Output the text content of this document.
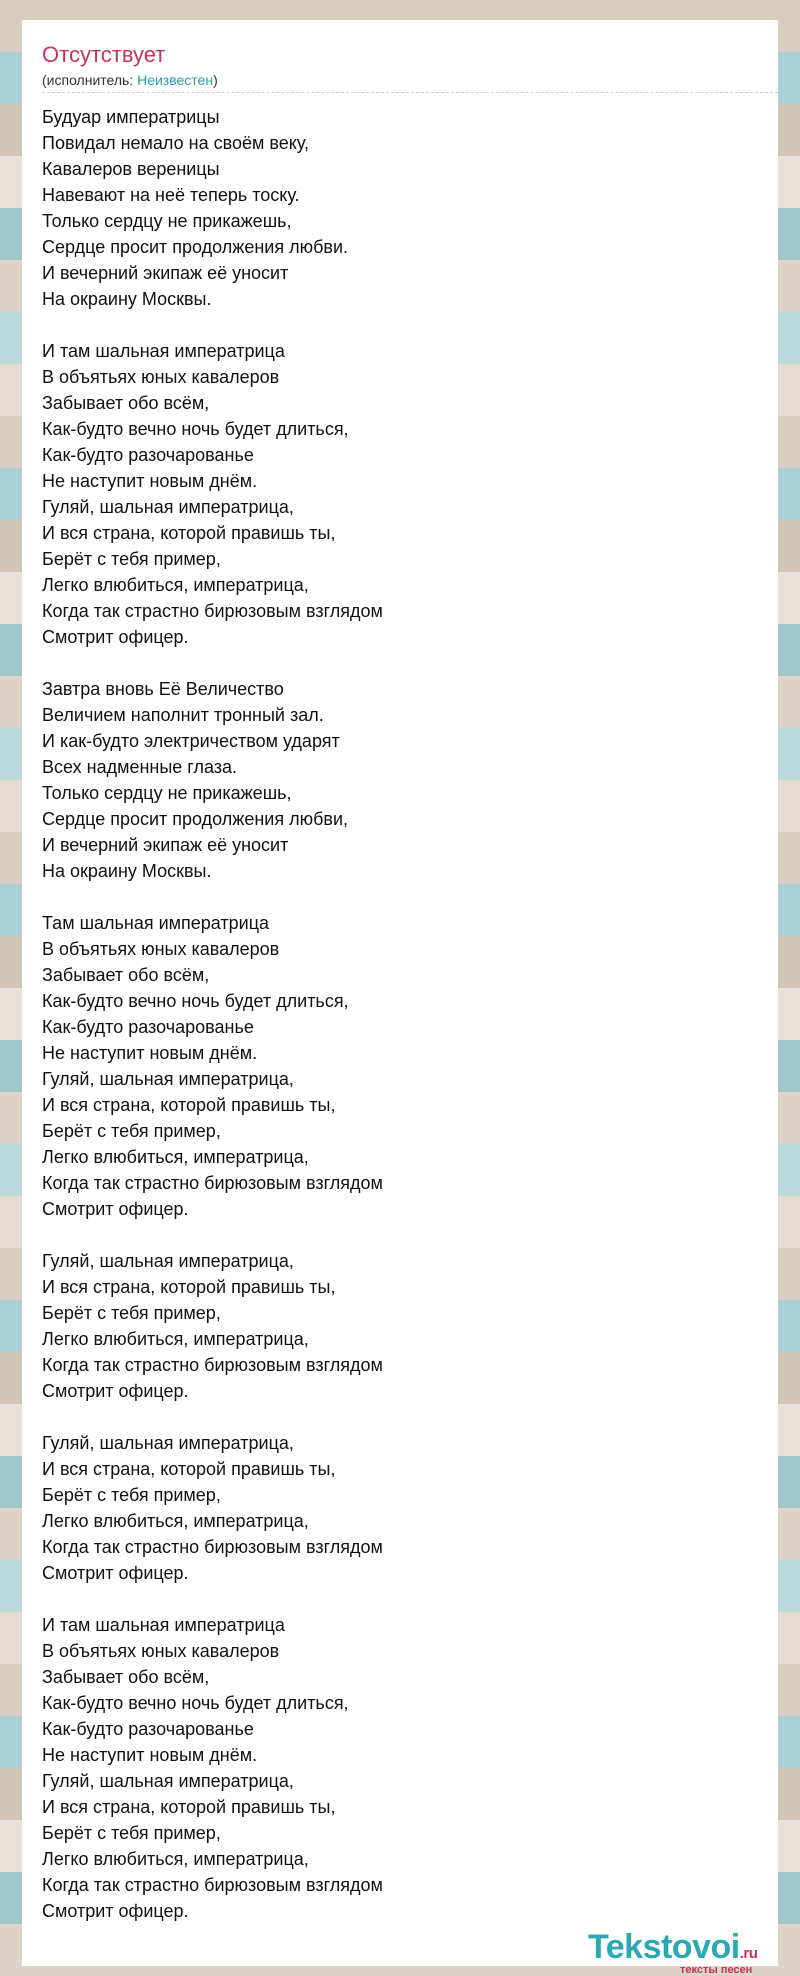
Отсутствует
(исполнитель: Неизвестен)
Будуар императрицы
Повидал немало на своём веку,
Кавалеров вереницы
Навевают на неё теперь тоску.
Только сердцу не прикажешь,
Сердце просит продолжения любви.
И вечерний экипаж её уносит
На окраину Москвы.
И там шальная императрица
В объятьях юных кавалеров
Забывает обо всём,
Как-будто вечно ночь будет длиться,
Как-будто разочарованье
Не наступит новым днём.
Гуляй, шальная императрица,
И вся страна, которой правишь ты,
Берёт с тебя пример,
Легко влюбиться, императрица,
Когда так страстно бирюзовым взглядом
Смотрит офицер.
Завтра вновь Её Величество
Величием наполнит тронный зал.
И как-будто электричеством ударят
Всех надменные глаза.
Только сердцу не прикажешь,
Сердце просит продолжения любви,
И вечерний экипаж её уносит
На окраину Москвы.
Там шальная императрица
В объятьях юных кавалеров
Забывает обо всём,
Как-будто вечно ночь будет длиться,
Как-будто разочарованье
Не наступит новым днём.
Гуляй, шальная императрица,
И вся страна, которой правишь ты,
Берёт с тебя пример,
Легко влюбиться, императрица,
Когда так страстно бирюзовым взглядом
Смотрит офицер.
Гуляй, шальная императрица,
И вся страна, которой правишь ты,
Берёт с тебя пример,
Легко влюбиться, императрица,
Когда так страстно бирюзовым взглядом
Смотрит офицер.
Гуляй, шальная императрица,
И вся страна, которой правишь ты,
Берёт с тебя пример,
Легко влюбиться, императрица,
Когда так страстно бирюзовым взглядом
Смотрит офицер.
И там шальная императрица
В объятьях юных кавалеров
Забывает обо всём,
Как-будто вечно ночь будет длиться,
Как-будто разочарованье
Не наступит новым днём.
Гуляй, шальная императрица,
И вся страна, которой правишь ты,
Берёт с тебя пример,
Легко влюбиться, императрица,
Когда так страстно бирюзовым взглядом
Смотрит офицер.
Tekstovoi.ru
тексты песен
